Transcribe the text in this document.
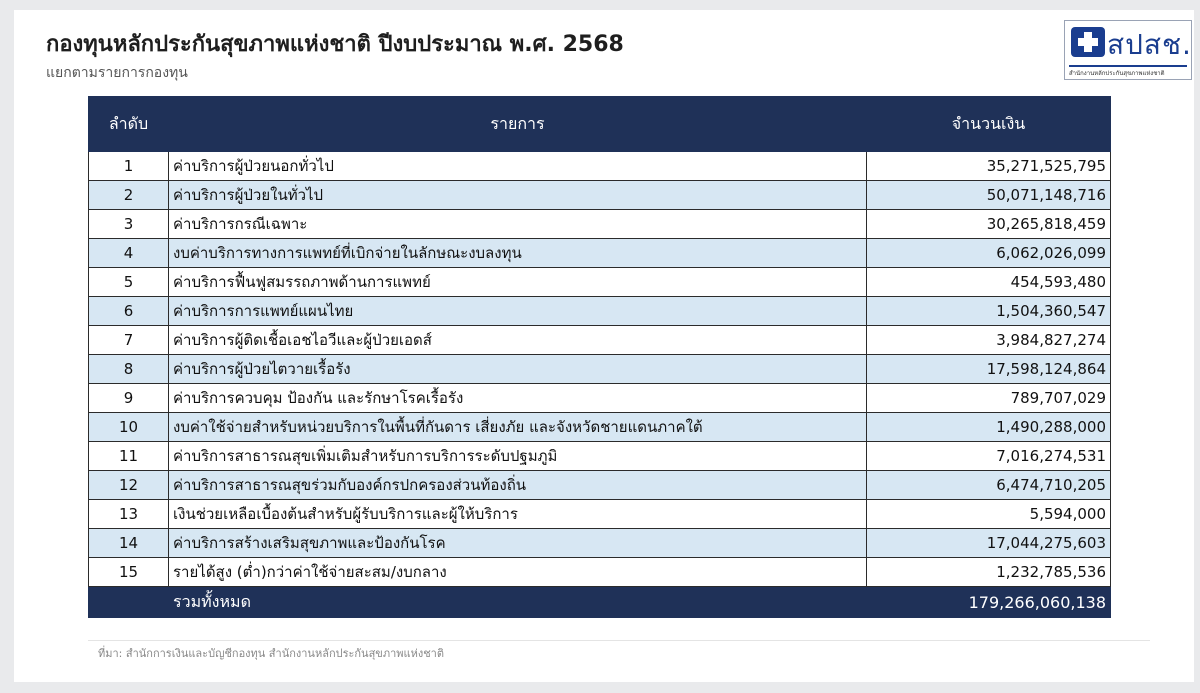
กองทุนหลักประกันสุขภาพแห่งชาติ ปีงบประมาณ พ.ศ. 2568
แยกตามรายการกองทุน
สปสช.
สำนักงานหลักประกันสุขภาพแห่งชาติ
ลำดับ	รายการ	จำนวนเงิน
1	ค่าบริการผู้ป่วยนอกทั่วไป	35,271,525,795
2	ค่าบริการผู้ป่วยในทั่วไป	50,071,148,716
3	ค่าบริการกรณีเฉพาะ	30,265,818,459
4	งบค่าบริการทางการแพทย์ที่เบิกจ่ายในลักษณะงบลงทุน	6,062,026,099
5	ค่าบริการฟื้นฟูสมรรถภาพด้านการแพทย์	454,593,480
6	ค่าบริการการแพทย์แผนไทย	1,504,360,547
7	ค่าบริการผู้ติดเชื้อเอชไอวีและผู้ป่วยเอดส์	3,984,827,274
8	ค่าบริการผู้ป่วยไตวายเรื้อรัง	17,598,124,864
9	ค่าบริการควบคุม ป้องกัน และรักษาโรคเรื้อรัง	789,707,029
10	งบค่าใช้จ่ายสำหรับหน่วยบริการในพื้นที่กันดาร เสี่ยงภัย และจังหวัดชายแดนภาคใต้	1,490,288,000
11	ค่าบริการสาธารณสุขเพิ่มเติมสำหรับการบริการระดับปฐมภูมิ	7,016,274,531
12	ค่าบริการสาธารณสุขร่วมกับองค์กรปกครองส่วนท้องถิ่น	6,474,710,205
13	เงินช่วยเหลือเบื้องต้นสำหรับผู้รับบริการและผู้ให้บริการ	5,594,000
14	ค่าบริการสร้างเสริมสุขภาพและป้องกันโรค	17,044,275,603
15	รายได้สูง (ต่ำ)กว่าค่าใช้จ่ายสะสม/งบกลาง	1,232,785,536
	รวมทั้งหมด	179,266,060,138
ที่มา: สำนักการเงินและบัญชีกองทุน สำนักงานหลักประกันสุขภาพแห่งชาติ
